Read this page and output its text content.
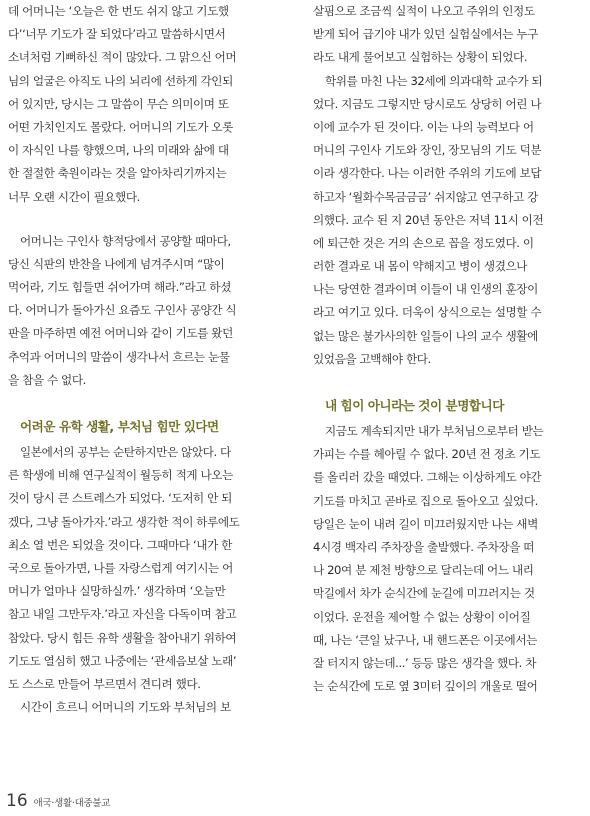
데 어머니는 ‘오늘은 한 번도 쉬지 않고 기도했
다’‘너무 기도가 잘 되었다’라고 말씀하시면서
소녀처럼 기뻐하신 적이 많았다. 그 맑으신 어머
님의 얼굴은 아직도 나의 뇌리에 선하게 각인되
어 있지만, 당시는 그 말씀이 무슨 의미이며 또
어떤 가치인지도 몰랐다. 어머니의 기도가 오롯
이 자식인 나를 향했으며, 나의 미래와 삶에 대
한 절절한 축원이라는 것을 알아차리기까지는
너무 오랜 시간이 필요했다.
어머니는 구인사 향적당에서 공양할 때마다,
당신 식판의 반찬을 나에게 넘겨주시며 “많이
먹어라, 기도 힘들면 쉬어가며 해라.”라고 하셨
다. 어머니가 돌아가신 요즘도 구인사 공양간 식
판을 마주하면 예전 어머니와 같이 기도를 왔던
추억과 어머니의 말씀이 생각나서 흐르는 눈물
을 참을 수 없다.
어려운 유학 생활, 부처님 힘만 있다면
일본에서의 공부는 순탄하지만은 않았다. 다
른 학생에 비해 연구실적이 월등히 적게 나오는
것이 당시 큰 스트레스가 되었다. ‘도저히 안 되
겠다, 그냥 돌아가자.’라고 생각한 적이 하루에도
최소 열 번은 되었을 것이다. 그때마다 ‘내가 한
국으로 돌아가면, 나를 자랑스럽게 여기시는 어
머니가 얼마나 실망하실까.’ 생각하며 ‘오늘만
참고 내일 그만두자.’라고 자신을 다독이며 참고
참았다. 당시 힘든 유학 생활을 참아내기 위하여
기도도 열심히 했고 나중에는 ‘관세음보살 노래’
도 스스로 만들어 부르면서 견디려 했다.
시간이 흐르니 어머니의 기도와 부처님의 보
살핌으로 조금씩 실적이 나오고 주위의 인정도
받게 되어 급기야 내가 있던 실험실에서는 누구
라도 내게 물어보고 실험하는 상황이 되었다.
학위를 마친 나는 32세에 의과대학 교수가 되
었다. 지금도 그렇지만 당시로도 상당히 어린 나
이에 교수가 된 것이다. 이는 나의 능력보다 어
머니의 구인사 기도와 장인, 장모님의 기도 덕분
이라 생각한다. 나는 이러한 주위의 기도에 보답
하고자 ‘월화수목금금금’ 쉬지않고 연구하고 강
의했다. 교수 된 지 20년 동안은 저녁 11시 이전
에 퇴근한 것은 거의 손으로 꼽을 정도였다. 이
러한 결과로 내 몸이 약해지고 병이 생겼으나
나는 당연한 결과이며 이들이 내 인생의 훈장이
라고 여기고 있다. 더욱이 상식으로는 설명할 수
없는 많은 불가사의한 일들이 나의 교수 생활에
있었음을 고백해야 한다.
내 힘이 아니라는 것이 분명합니다
지금도 계속되지만 내가 부처님으로부터 받는
가피는 수를 헤아릴 수 없다. 20년 전 정초 기도
를 올리러 갔을 때였다. 그해는 이상하게도 야간
기도를 마치고 곧바로 집으로 돌아오고 싶었다.
당일은 눈이 내려 길이 미끄러웠지만 나는 새벽
4시경 백자리 주차장을 출발했다. 주차장을 떠
나 20여 분 제천 방향으로 달리는데 어느 내리
막길에서 차가 순식간에 눈길에 미끄러지는 것
이었다. 운전을 제어할 수 없는 상황이 이어질
때, 나는 ‘큰일 났구나, 내 핸드폰은 이곳에서는
잘 터지지 않는데...’ 등등 많은 생각을 했다. 차
는 순식간에 도로 옆 3미터 깊이의 개울로 떨어
16 애국·생활·대중불교
